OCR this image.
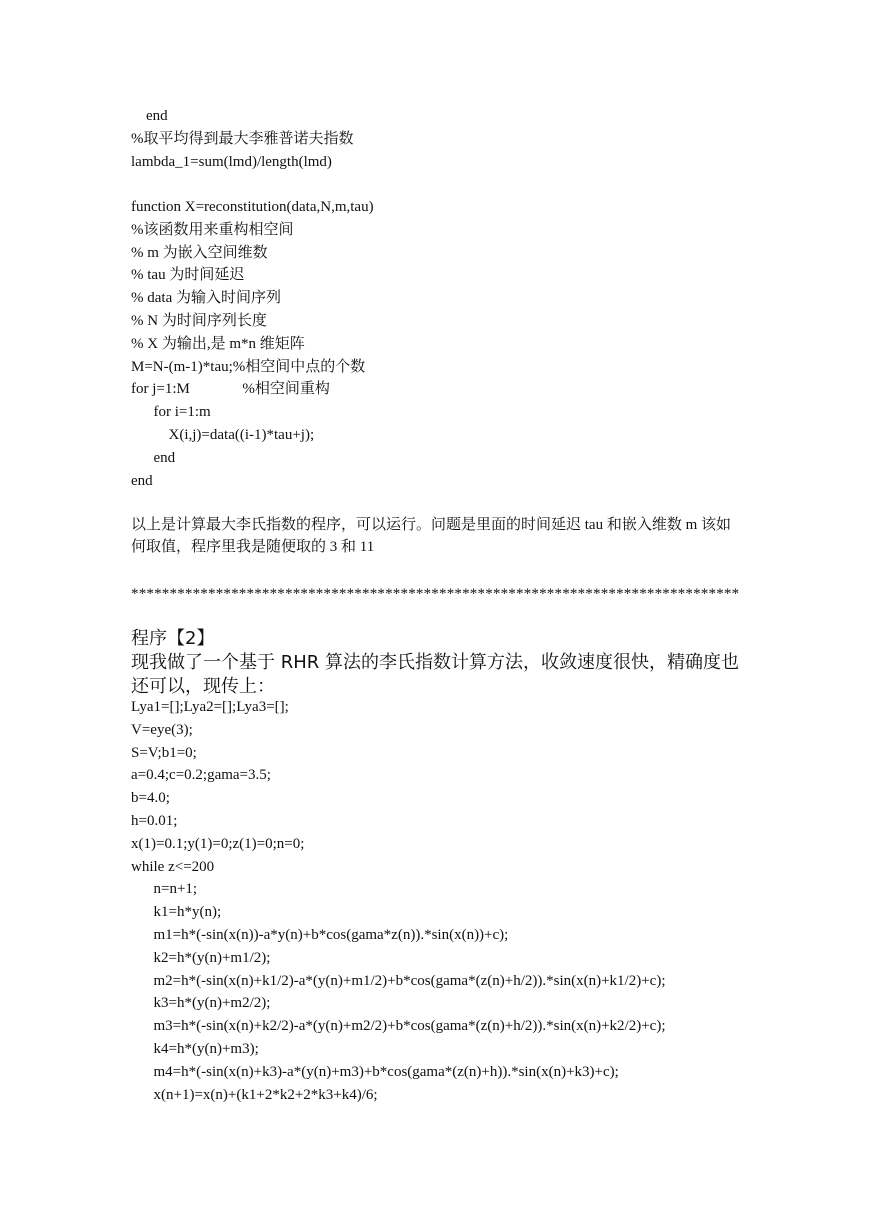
end
%取平均得到最大李雅普诺夫指数
lambda_1=sum(lmd)/length(lmd)
function X=reconstitution(data,N,m,tau)
%该函数用来重构相空间
% m 为嵌入空间维数
% tau 为时间延迟
% data 为输入时间序列
% N 为时间序列长度
% X 为输出,是 m*n 维矩阵
M=N-(m-1)*tau;%相空间中点的个数
for j=1:M              %相空间重构
for i=1:m
X(i,j)=data((i-1)*tau+j);
end
end
以上是计算最大李氏指数的程序，可以运行。问题是里面的时间延迟 tau 和嵌入维数 m 该如何取值，程序里我是随便取的 3 和 11
*******************************************************************************
程序【2】
现我做了一个基于 RHR 算法的李氏指数计算方法，收敛速度很快，精确度也还可以，现传上：
Lya1=[];Lya2=[];Lya3=[];
V=eye(3);
S=V;b1=0;
a=0.4;c=0.2;gama=3.5;
b=4.0;
h=0.01;
x(1)=0.1;y(1)=0;z(1)=0;n=0;
while z<=200
n=n+1;
k1=h*y(n);
m1=h*(-sin(x(n))-a*y(n)+b*cos(gama*z(n)).*sin(x(n))+c);
k2=h*(y(n)+m1/2);
m2=h*(-sin(x(n)+k1/2)-a*(y(n)+m1/2)+b*cos(gama*(z(n)+h/2)).*sin(x(n)+k1/2)+c);
k3=h*(y(n)+m2/2);
m3=h*(-sin(x(n)+k2/2)-a*(y(n)+m2/2)+b*cos(gama*(z(n)+h/2)).*sin(x(n)+k2/2)+c);
k4=h*(y(n)+m3);
m4=h*(-sin(x(n)+k3)-a*(y(n)+m3)+b*cos(gama*(z(n)+h)).*sin(x(n)+k3)+c);
x(n+1)=x(n)+(k1+2*k2+2*k3+k4)/6;
